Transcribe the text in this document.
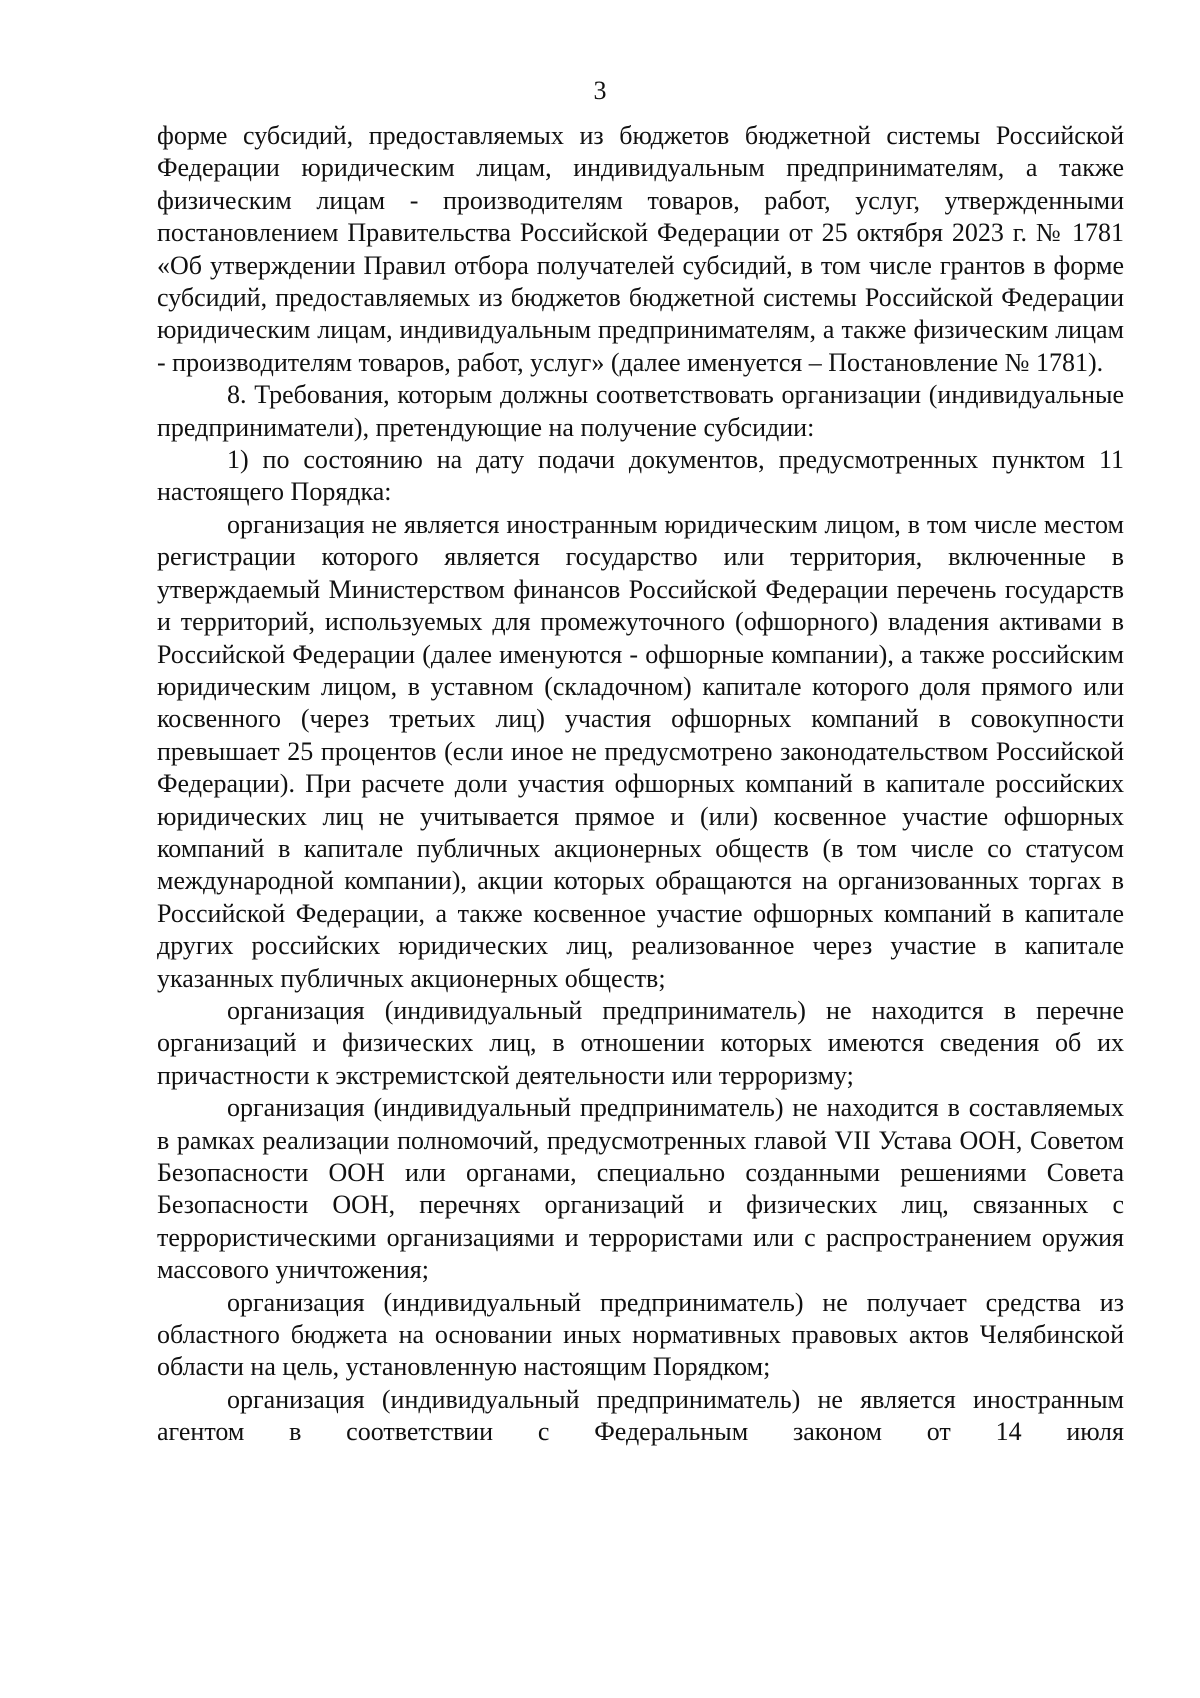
3

форме субсидий, предоставляемых из бюджетов бюджетной системы Российской Федерации юридическим лицам, индивидуальным предпринимателям, а также физическим лицам - производителям товаров, работ, услуг, утвержденными постановлением Правительства Российской Федерации от 25 октября 2023 г. № 1781 «Об утверждении Правил отбора получателей субсидий, в том числе грантов в форме субсидий, предоставляемых из бюджетов бюджетной системы Российской Федерации юридическим лицам, индивидуальным предпринимателям, а также физическим лицам - производителям товаров, работ, услуг» (далее именуется – Постановление № 1781).

8. Требования, которым должны соответствовать организации (индивидуальные предприниматели), претендующие на получение субсидии:

1) по состоянию на дату подачи документов, предусмотренных пунктом 11 настоящего Порядка:

организация не является иностранным юридическим лицом, в том числе местом регистрации которого является государство или территория, включенные в утверждаемый Министерством финансов Российской Федерации перечень государств и территорий, используемых для промежуточного (офшорного) владения активами в Российской Федерации (далее именуются - офшорные компании), а также российским юридическим лицом, в уставном (складочном) капитале которого доля прямого или косвенного (через третьих лиц) участия офшорных компаний в совокупности превышает 25 процентов (если иное не предусмотрено законодательством Российской Федерации). При расчете доли участия офшорных компаний в капитале российских юридических лиц не учитывается прямое и (или) косвенное участие офшорных компаний в капитале публичных акционерных обществ (в том числе со статусом международной компании), акции которых обращаются на организованных торгах в Российской Федерации, а также косвенное участие офшорных компаний в капитале других российских юридических лиц, реализованное через участие в капитале указанных публичных акционерных обществ;

организация (индивидуальный предприниматель) не находится в перечне организаций и физических лиц, в отношении которых имеются сведения об их причастности к экстремистской деятельности или терроризму;

организация (индивидуальный предприниматель) не находится в составляемых в рамках реализации полномочий, предусмотренных главой VII Устава ООН, Советом Безопасности ООН или органами, специально созданными решениями Совета Безопасности ООН, перечнях организаций и физических лиц, связанных с террористическими организациями и террористами или с распространением оружия массового уничтожения;

организация (индивидуальный предприниматель) не получает средства из областного бюджета на основании иных нормативных правовых актов Челябинской области на цель, установленную настоящим Порядком;

организация (индивидуальный предприниматель) не является иностранным агентом в соответствии с Федеральным законом от 14 июля
